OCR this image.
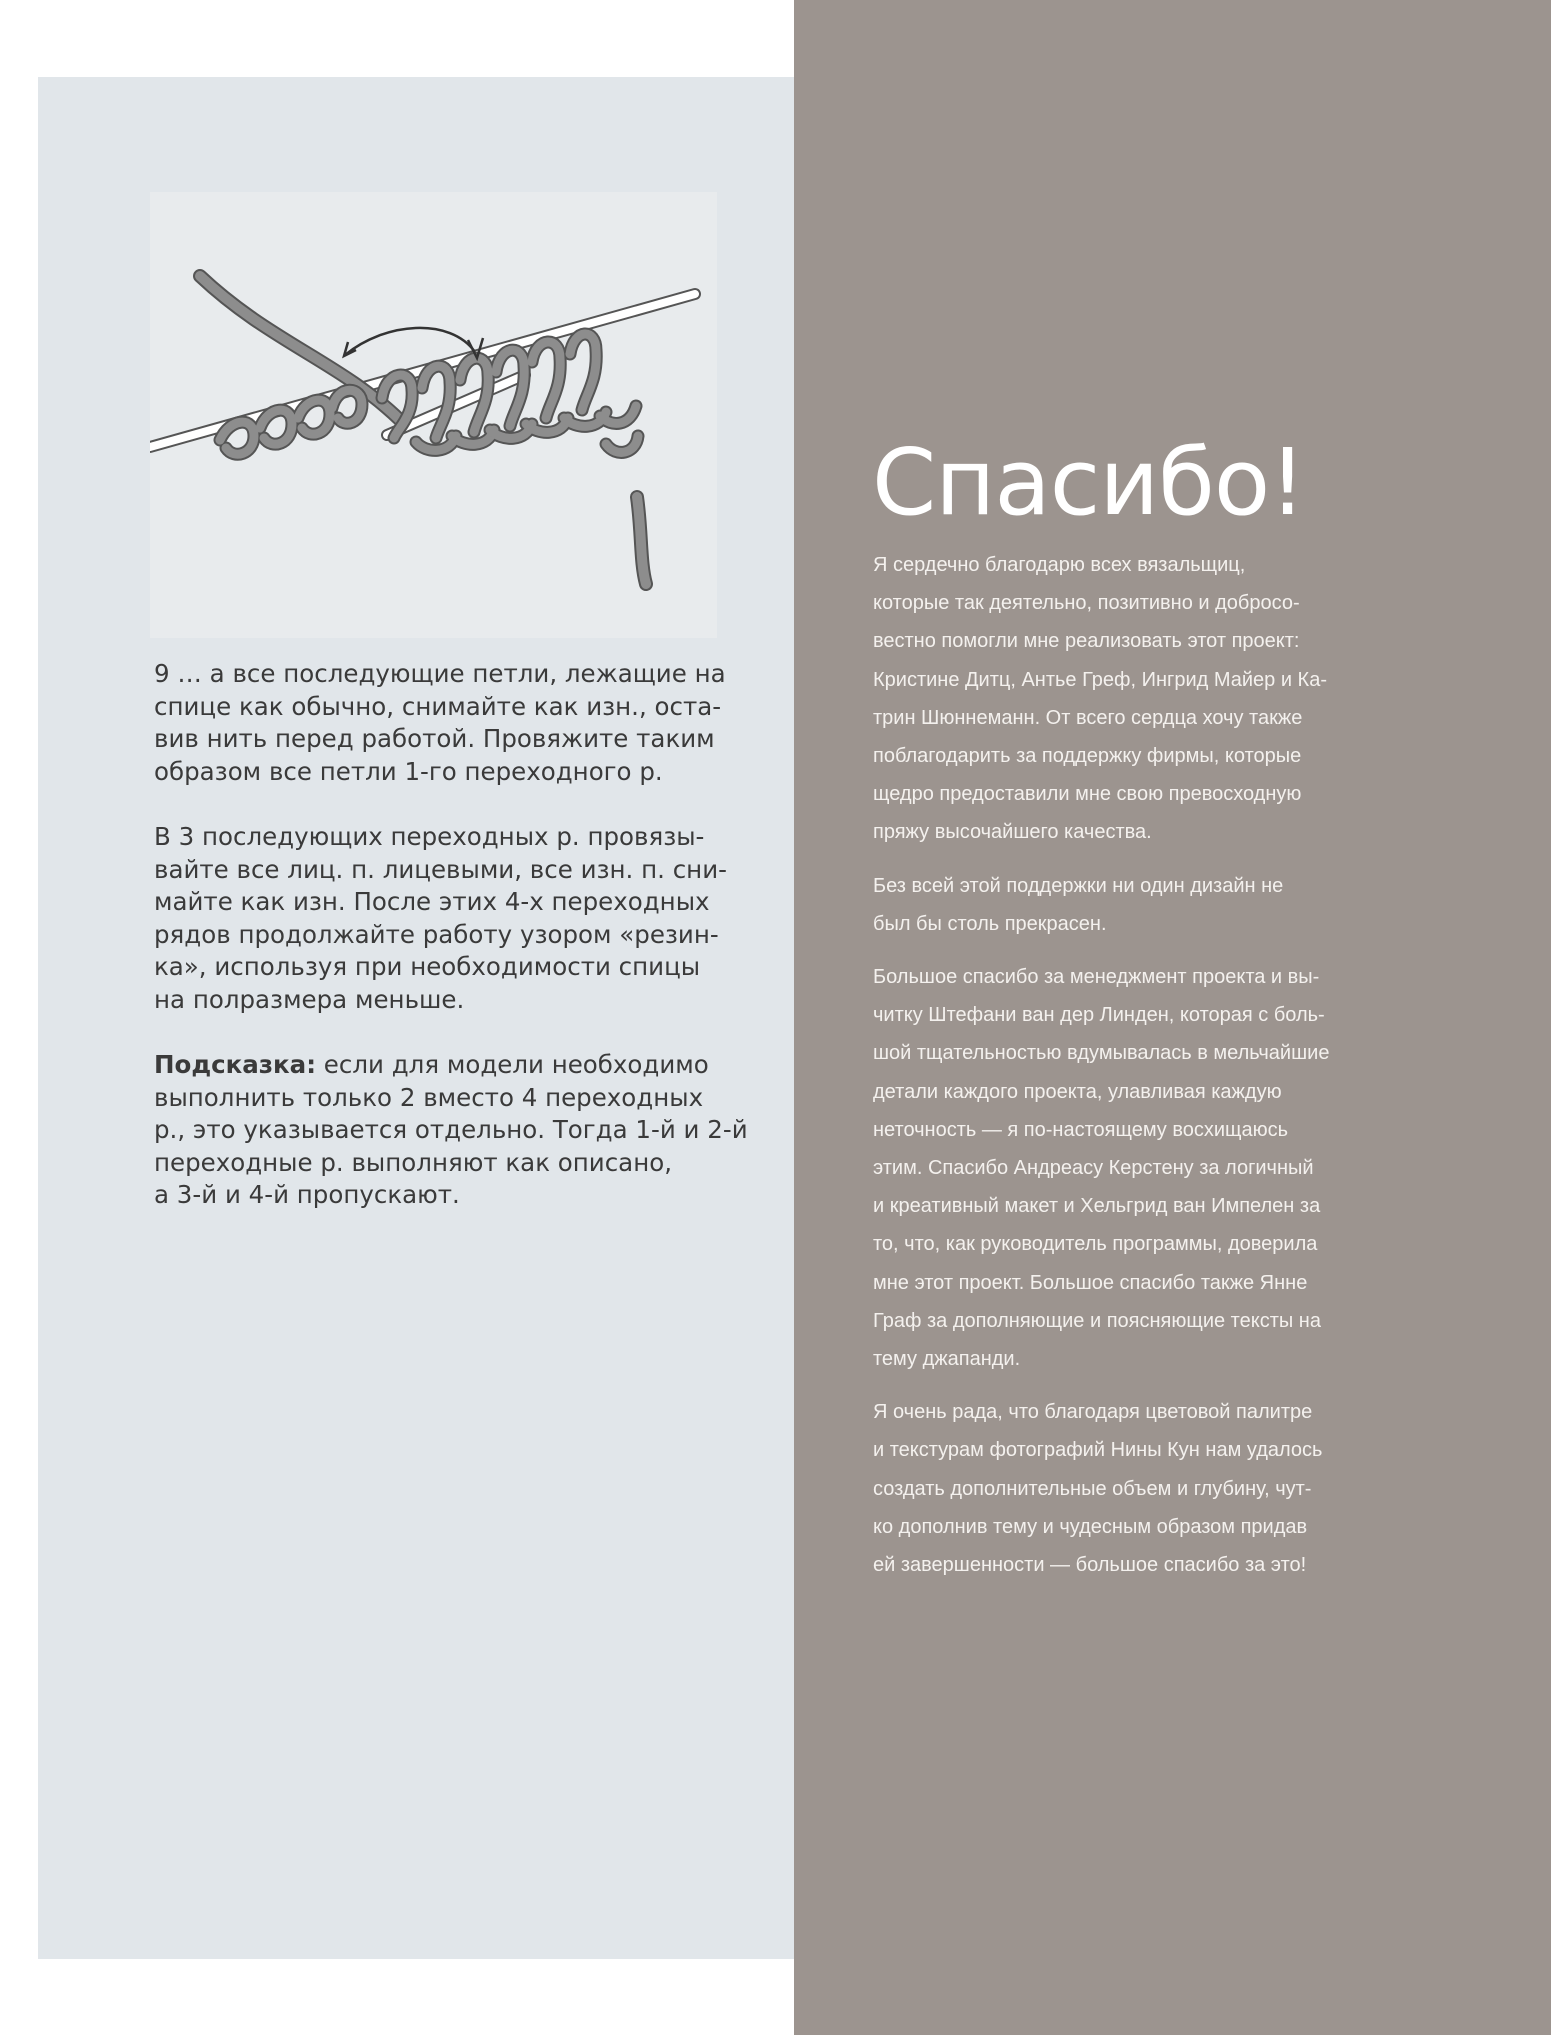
9 … а все последующие петли, лежащие на
спице как обычно, снимайте как изн., оста-
вив нить перед работой. Провяжите таким
образом все петли 1-го переходного р.

В 3 последующих переходных р. провязы-
вайте все лиц. п. лицевыми, все изн. п. сни-
майте как изн. После этих 4-х переходных
рядов продолжайте работу узором «резин-
ка», используя при необходимости спицы
на полразмера меньше.

Подсказка: если для модели необходимо
выполнить только 2 вместо 4 переходных
р., это указывается отдельно. Тогда 1-й и 2-й
переходные р. выполняют как описано,
а 3-й и 4-й пропускают.

Спасибо!

Я сердечно благодарю всех вязальщиц,
которые так деятельно, позитивно и добросо-
вестно помогли мне реализовать этот проект:
Кристине Дитц, Антье Греф, Ингрид Майер и Ка-
трин Шюннеманн. От всего сердца хочу также
поблагодарить за поддержку фирмы, которые
щедро предоставили мне свою превосходную
пряжу высочайшего качества.

Без всей этой поддержки ни один дизайн не
был бы столь прекрасен.

Большое спасибо за менеджмент проекта и вы-
читку Штефани ван дер Линден, которая с боль-
шой тщательностью вдумывалась в мельчайшие
детали каждого проекта, улавливая каждую
неточность — я по-настоящему восхищаюсь
этим. Спасибо Андреасу Керстену за логичный
и креативный макет и Хельгрид ван Импелен за
то, что, как руководитель программы, доверила
мне этот проект. Большое спасибо также Янне
Граф за дополняющие и поясняющие тексты на
тему джапанди.

Я очень рада, что благодаря цветовой палитре
и текстурам фотографий Нины Кун нам удалось
создать дополнительные объем и глубину, чут-
ко дополнив тему и чудесным образом придав
ей завершенности — большое спасибо за это!
